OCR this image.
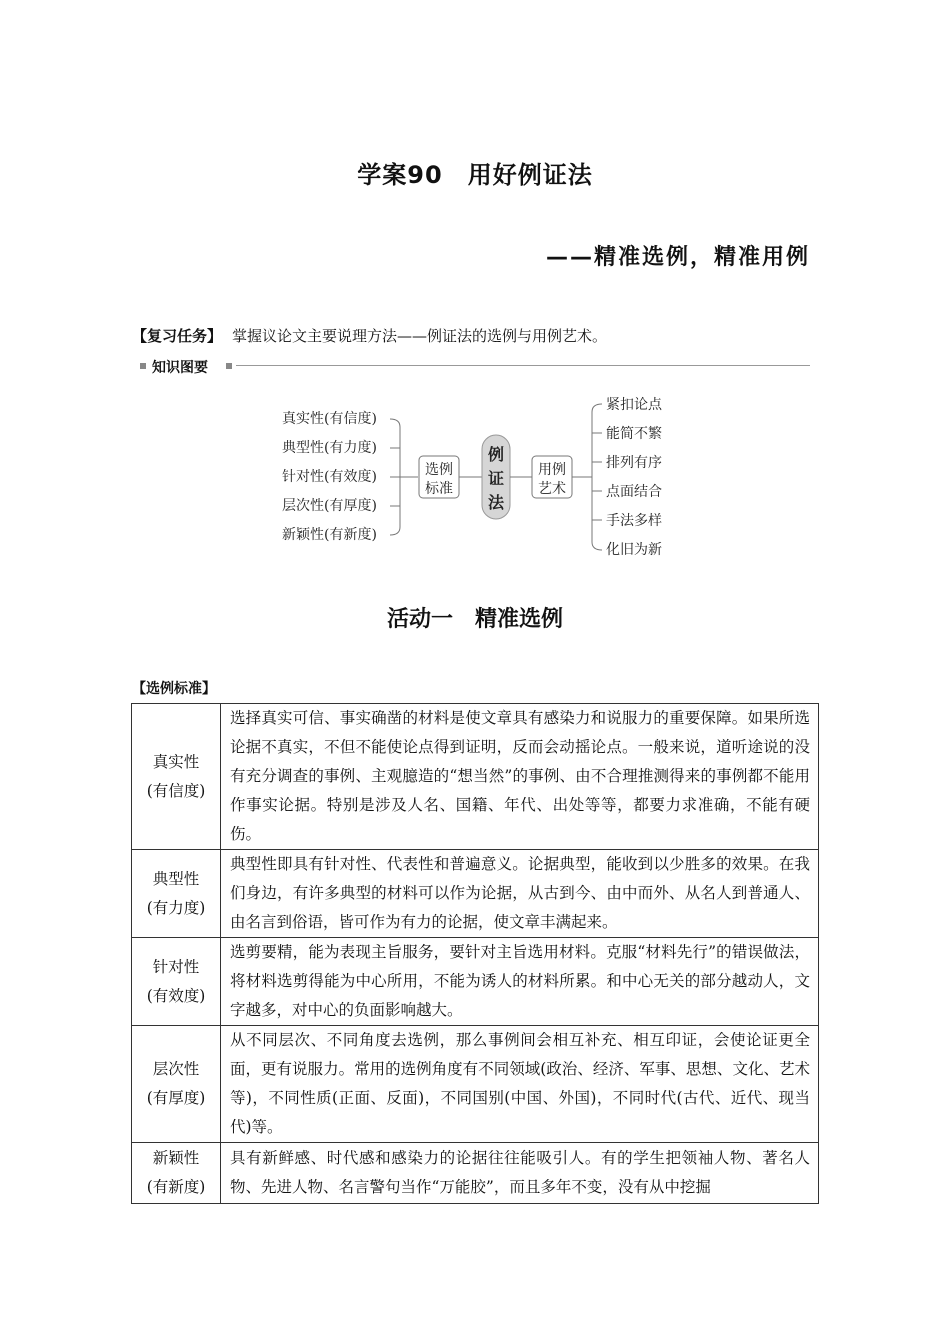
学案90　用好例证法
——精准选例，精准用例
【复习任务】 掌握议论文主要说理方法——例证法的选例与用例艺术。
知识图要
真实性(有信度)
典型性(有力度)
针对性(有效度)
层次性(有厚度)
新颖性(有新度)
选例
标准
例
证
法
用例
艺术
紧扣论点
能简不繁
排列有序
点面结合
手法多样
化旧为新
活动一　精准选例
【选例标准】
真实性
(有信度)	选择真实可信、事实确凿的材料是使文章具有感染力和说服力的重要保障。如果所选论据不真实，不但不能使论点得到证明，反而会动摇论点。一般来说，道听途说的没有充分调查的事例、主观臆造的“想当然”的事例、由不合理推测得来的事例都不能用作事实论据。特别是涉及人名、国籍、年代、出处等等，都要力求准确，不能有硬伤。
典型性
(有力度)	典型性即具有针对性、代表性和普遍意义。论据典型，能收到以少胜多的效果。在我们身边，有许多典型的材料可以作为论据，从古到今、由中而外、从名人到普通人、由名言到俗语，皆可作为有力的论据，使文章丰满起来。
针对性
(有效度)	选剪要精，能为表现主旨服务，要针对主旨选用材料。克服“材料先行”的错误做法，将材料选剪得能为中心所用，不能为诱人的材料所累。和中心无关的部分越动人，文字越多，对中心的负面影响越大。
层次性
(有厚度)	从不同层次、不同角度去选例，那么事例间会相互补充、相互印证，会使论证更全面，更有说服力。常用的选例角度有不同领域(政治、经济、军事、思想、文化、艺术等)，不同性质(正面、反面)，不同国别(中国、外国)，不同时代(古代、近代、现当代)等。
新颖性
(有新度)	具有新鲜感、时代感和感染力的论据往往能吸引人。有的学生把领袖人物、著名人物、先进人物、名言警句当作“万能胶”，而且多年不变，没有从中挖掘
